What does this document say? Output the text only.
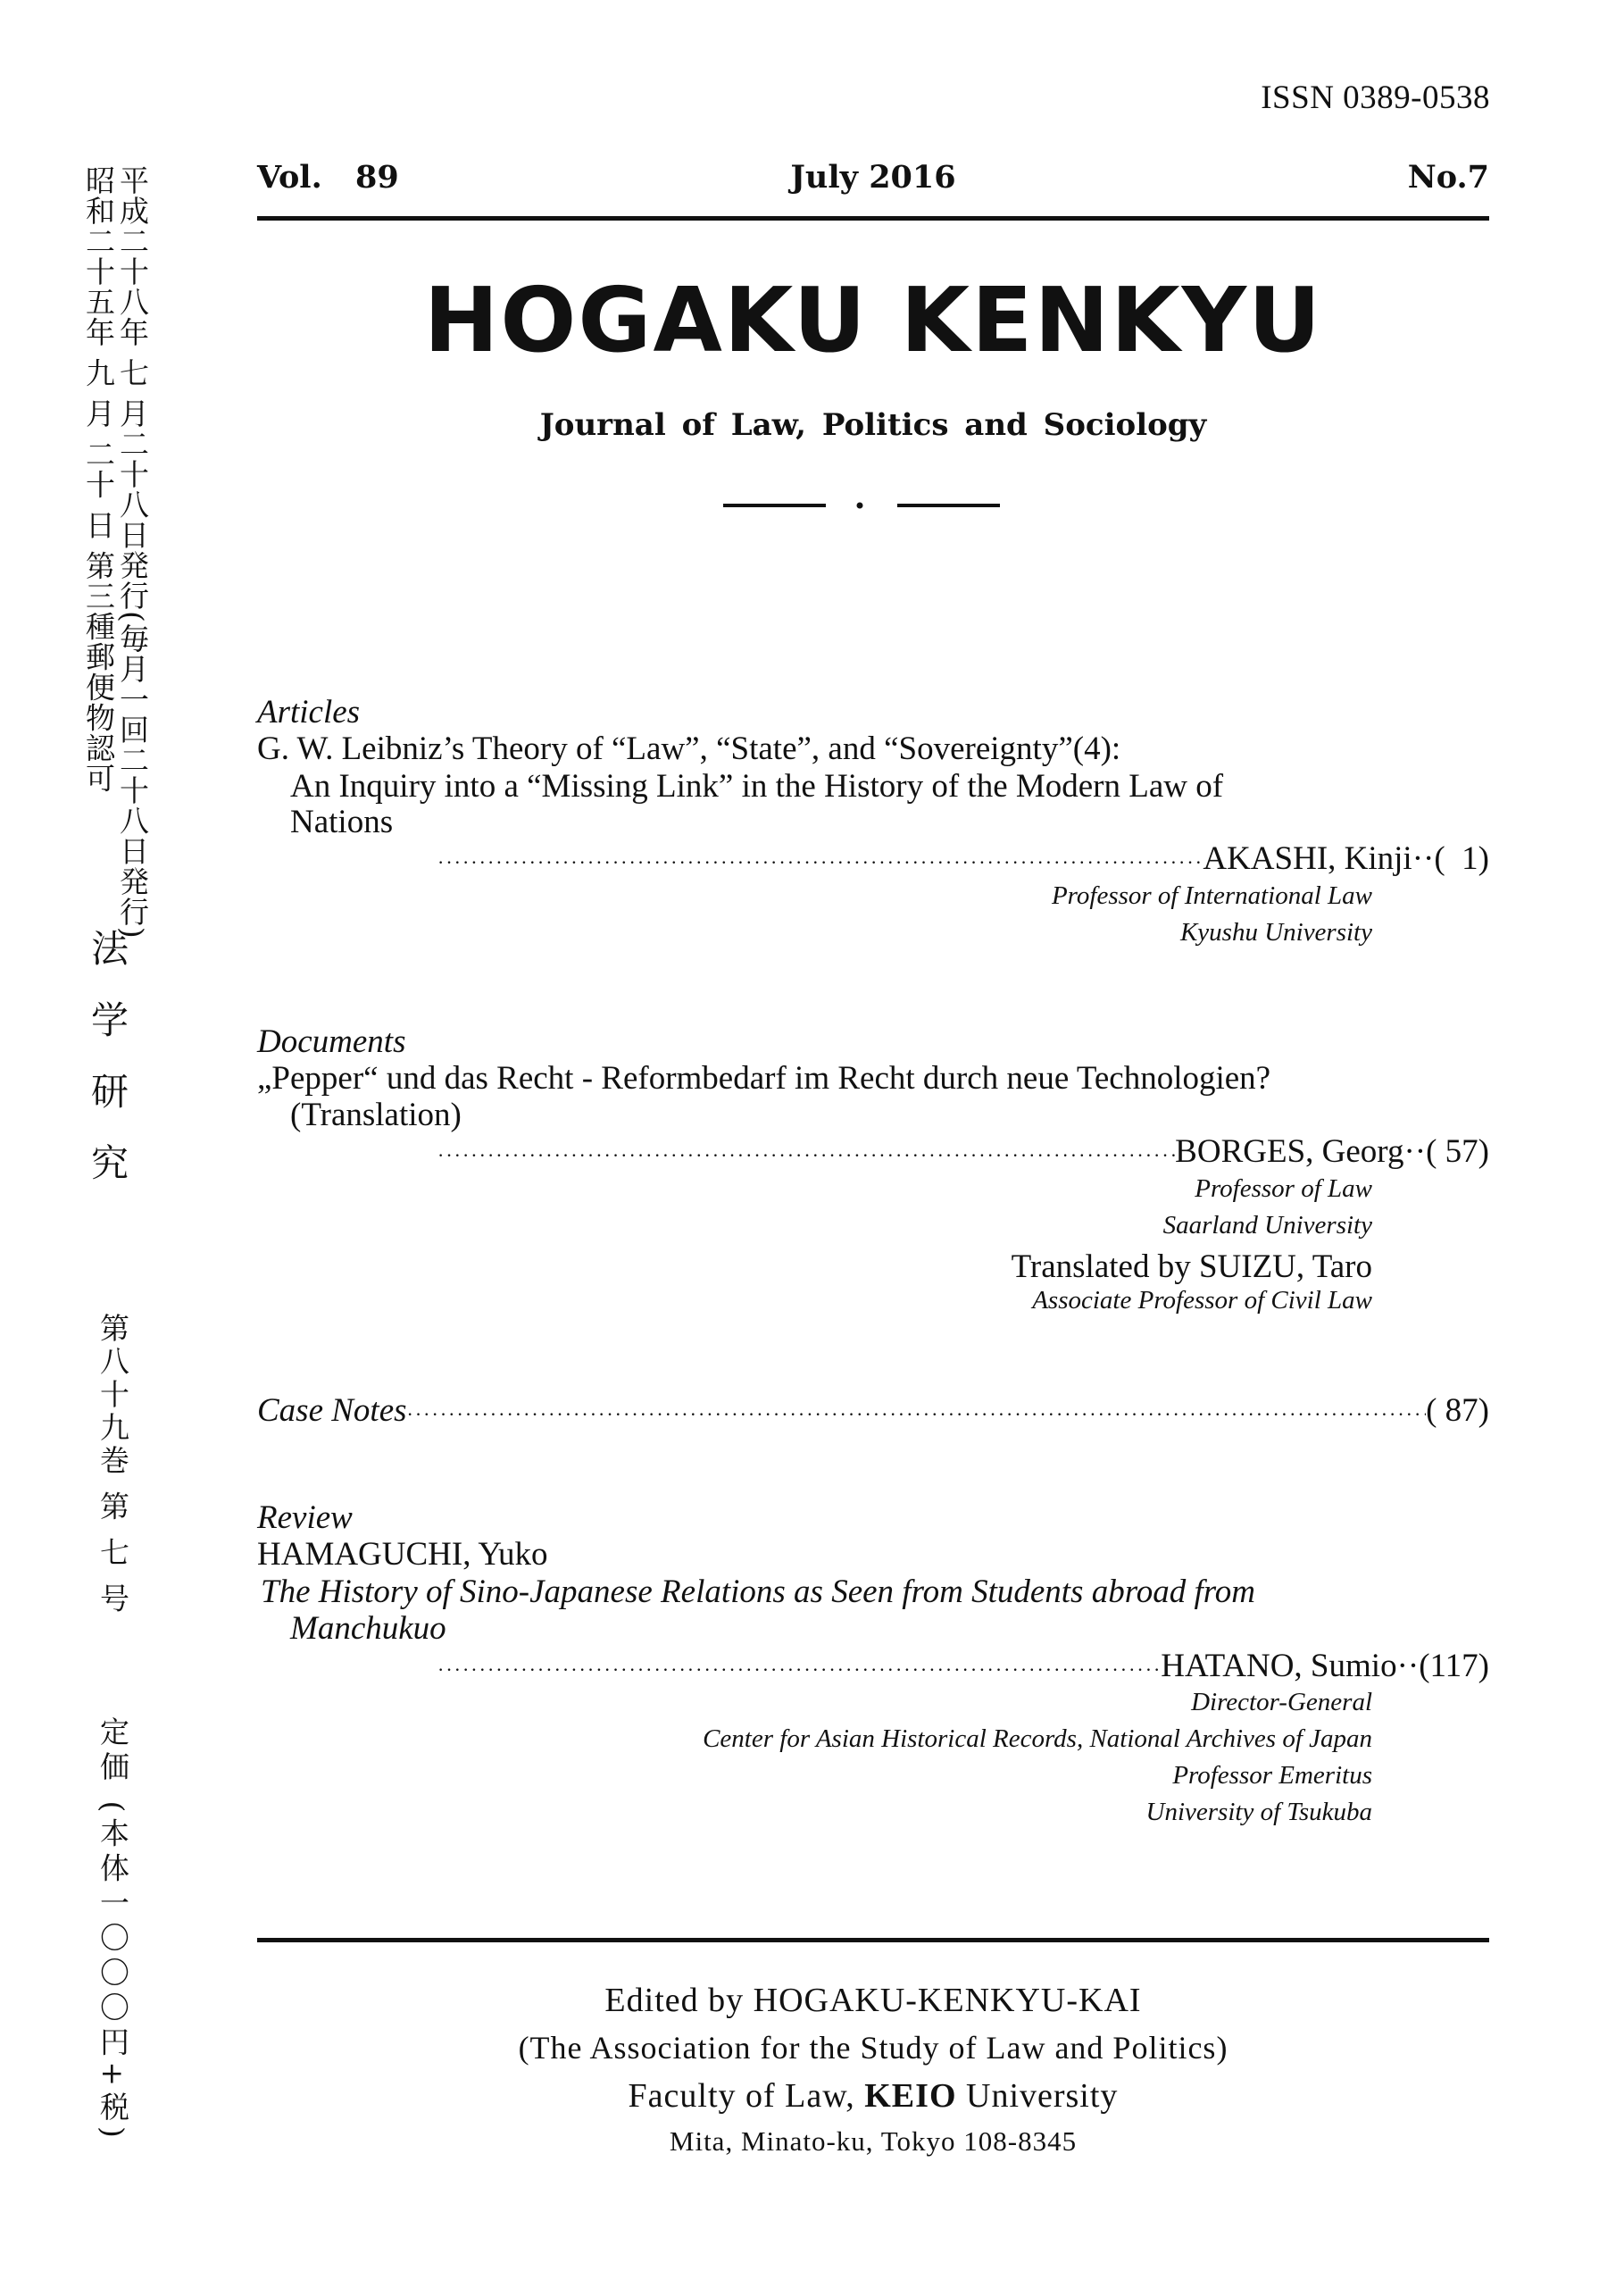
平成二十八年 七 月二十八日発行(毎月一回二十八日発行)
昭和二十五年 九 月 二十 日 第三種郵便物認可
法学研究
第八十九巻 第 七 号
定価 (本体一〇〇〇円+税)
ISSN 0389-0538
Vol. 89	July 2016	No.7
HOGAKU KENKYU
Journal of Law, Politics and Sociology
Articles
G. W. Leibniz’s Theory of “Law”, “State”, and “Sovereignty”(4):
An Inquiry into a “Missing Link” in the History of the Modern Law of
Nations
·····
AKASHI, Kinji ··(  1)
Professor of International Law
Kyushu University
Documents
„Pepper“ und das Recht - Reformbedarf im Recht durch neue Technologien?
(Translation)
·····
BORGES, Georg ··( 57)
Professor of Law
Saarland University
Translated by SUIZU, Taro
Associate Professor of Civil Law
Case Notes
·····	( 87)
Review
HAMAGUCHI, Yuko
The History of Sino-Japanese Relations as Seen from Students abroad from
Manchukuo
·····
HATANO, Sumio ··(117)
Director-General
Center for Asian Historical Records, National Archives of Japan
Professor Emeritus
University of Tsukuba
Edited by HOGAKU-KENKYU-KAI
(The Association for the Study of Law and Politics)
Faculty of Law, KEIO University
Mita, Minato-ku, Tokyo 108-8345
